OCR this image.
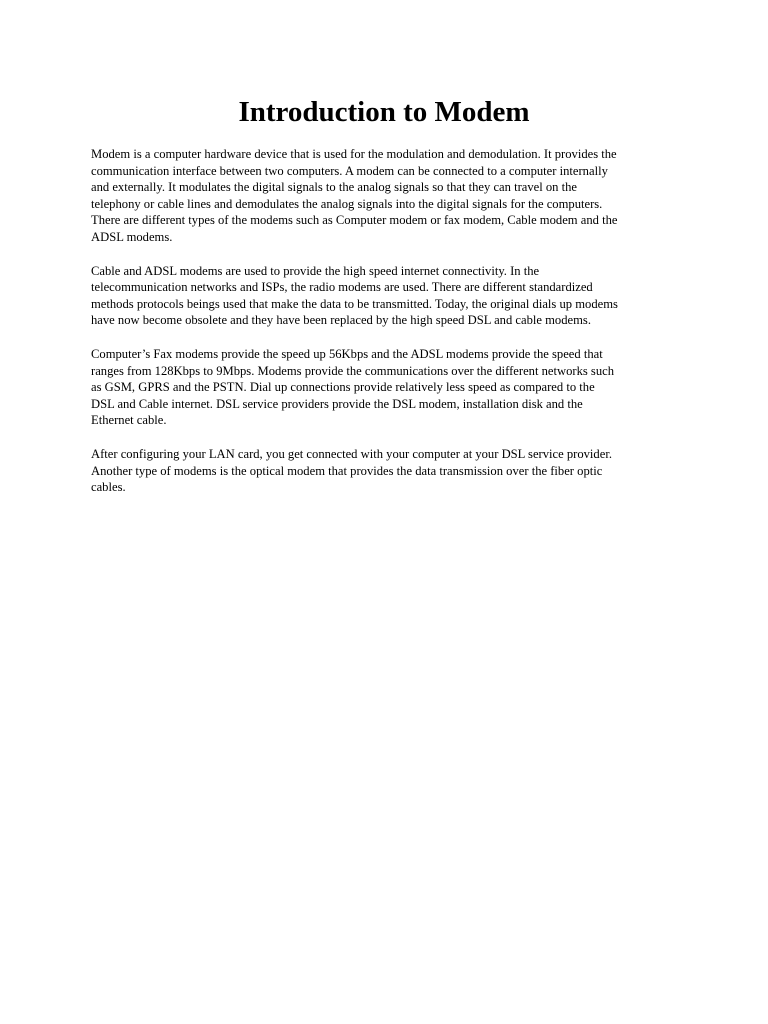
Introduction to Modem

Modem is a computer hardware device that is used for the modulation and demodulation. It provides the
communication interface between two computers. A modem can be connected to a computer internally
and externally. It modulates the digital signals to the analog signals so that they can travel on the
telephony or cable lines and demodulates the analog signals into the digital signals for the computers.
There are different types of the modems such as Computer modem or fax modem, Cable modem and the
ADSL modems.

Cable and ADSL modems are used to provide the high speed internet connectivity. In the
telecommunication networks and ISPs, the radio modems are used. There are different standardized
methods protocols beings used that make the data to be transmitted. Today, the original dials up modems
have now become obsolete and they have been replaced by the high speed DSL and cable modems.

Computer’s Fax modems provide the speed up 56Kbps and the ADSL modems provide the speed that
ranges from 128Kbps to 9Mbps. Modems provide the communications over the different networks such
as GSM, GPRS and the PSTN. Dial up connections provide relatively less speed as compared to the
DSL and Cable internet. DSL service providers provide the DSL modem, installation disk and the
Ethernet cable.

After configuring your LAN card, you get connected with your computer at your DSL service provider.
Another type of modems is the optical modem that provides the data transmission over the fiber optic
cables.
